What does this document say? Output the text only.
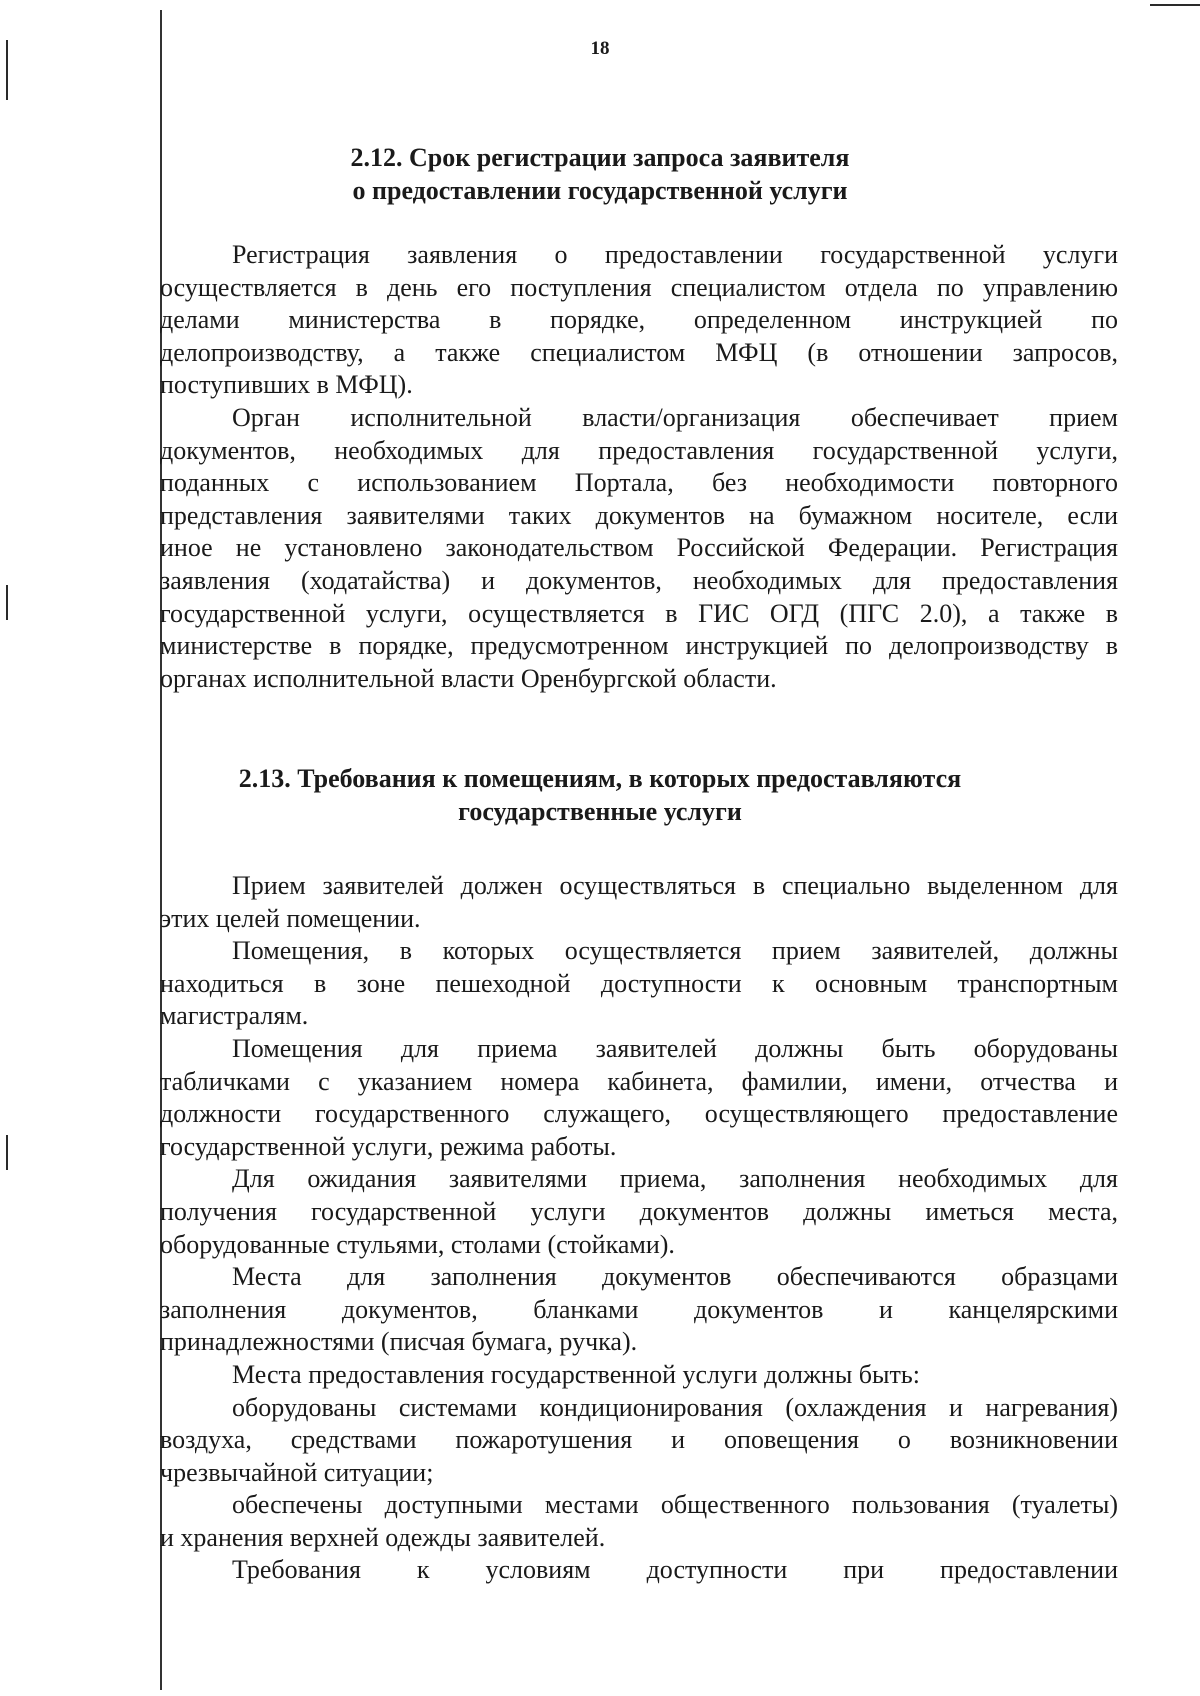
18
2.12. Срок регистрации запроса заявителя
о предоставлении государственной услуги
Регистрация заявления о предоставлении государственной услуги
осуществляется в день его поступления специалистом отдела по управлению
делами министерства в порядке, определенном инструкцией по
делопроизводству, а также специалистом МФЦ (в отношении запросов,
поступивших в МФЦ).
Орган исполнительной власти/организация обеспечивает прием
документов, необходимых для предоставления государственной услуги,
поданных с использованием Портала, без необходимости повторного
представления заявителями таких документов на бумажном носителе, если
иное не установлено законодательством Российской Федерации. Регистрация
заявления (ходатайства) и документов, необходимых для предоставления
государственной услуги, осуществляется в ГИС ОГД (ПГС 2.0), а также в
министерстве в порядке, предусмотренном инструкцией по делопроизводству в
органах исполнительной власти Оренбургской области.
2.13. Требования к помещениям, в которых предоставляются
государственные услуги
Прием заявителей должен осуществляться в специально выделенном для
этих целей помещении.
Помещения, в которых осуществляется прием заявителей, должны
находиться в зоне пешеходной доступности к основным транспортным
магистралям.
Помещения для приема заявителей должны быть оборудованы
табличками с указанием номера кабинета, фамилии, имени, отчества и
должности государственного служащего, осуществляющего предоставление
государственной услуги, режима работы.
Для ожидания заявителями приема, заполнения необходимых для
получения государственной услуги документов должны иметься места,
оборудованные стульями, столами (стойками).
Места для заполнения документов обеспечиваются образцами
заполнения документов, бланками документов и канцелярскими
принадлежностями (писчая бумага, ручка).
Места предоставления государственной услуги должны быть:
оборудованы системами кондиционирования (охлаждения и нагревания)
воздуха, средствами пожаротушения и оповещения о возникновении
чрезвычайной ситуации;
обеспечены доступными местами общественного пользования (туалеты)
и хранения верхней одежды заявителей.
Требования к условиям доступности при предоставлении
